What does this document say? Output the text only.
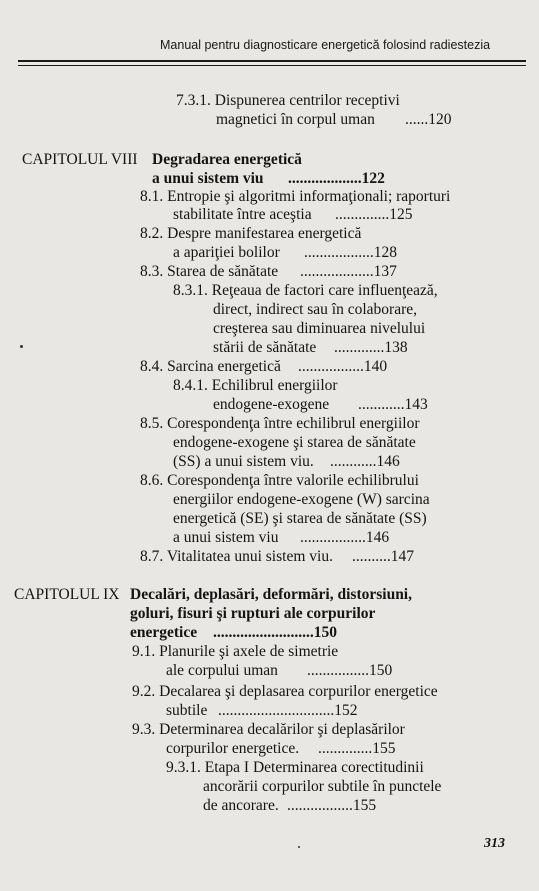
Manual pentru diagnosticare energetică folosind radiestezia
7.3.1. Dispunerea centrilor receptivi
magnetici în corpul uman ......120
CAPITOLUL VIII Degradarea energetică
a unui sistem viu ...................122
8.1. Entropie şi algoritmi informaţionali; raporturi
stabilitate între aceştia ..............125
8.2. Despre manifestarea energetică
a apariţiei bolilor ..................128
8.3. Starea de sănătate ...................137
8.3.1. Reţeaua de factori care influenţează,
direct, indirect sau în colaborare,
creşterea sau diminuarea nivelului
stării de sănătate .............138
8.4. Sarcina energetică .................140
8.4.1. Echilibrul energiilor
endogene-exogene ............143
8.5. Corespondenţa între echilibrul energiilor
endogene-exogene şi starea de sănătate
(SS) a unui sistem viu. ............146
8.6. Corespondenţa între valorile echilibrului
energiilor endogene-exogene (W) sarcina
energetică (SE) şi starea de sănătate (SS)
a unui sistem viu .................146
8.7. Vitalitatea unui sistem viu. ..........147
CAPITOLUL IX Decalări, deplasări, deformări, distorsiuni,
goluri, fisuri şi rupturi ale corpurilor
energetice ..........................150
9.1. Planurile şi axele de simetrie
ale corpului uman ................150
9.2. Decalarea şi deplasarea corpurilor energetice
subtile ..............................152
9.3. Determinarea decalărilor şi deplasărilor
corpurilor energetice. ..............155
9.3.1. Etapa I Determinarea corectitudinii
ancorării corpurilor subtile în punctele
de ancorare. .................155
313
